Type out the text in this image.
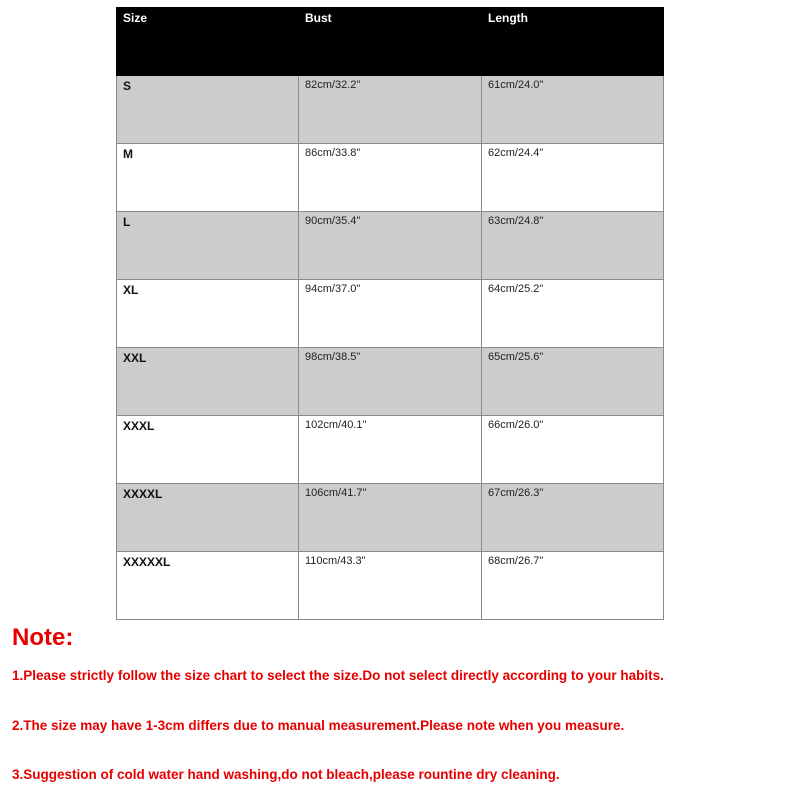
Size	Bust	Length
S	82cm/32.2"	61cm/24.0"
M	86cm/33.8"	62cm/24.4"
L	90cm/35.4"	63cm/24.8"
XL	94cm/37.0"	64cm/25.2"
XXL	98cm/38.5"	65cm/25.6"
XXXL	102cm/40.1"	66cm/26.0"
XXXXL	106cm/41.7"	67cm/26.3"
XXXXXL	110cm/43.3"	68cm/26.7"
Note:

1.Please strictly follow the size chart to select the size.Do not select directly according to your habits.

2.The size may have 1-3cm differs due to manual measurement.Please note when you measure.

3.Suggestion of cold water hand washing,do not bleach,please rountine dry cleaning.
